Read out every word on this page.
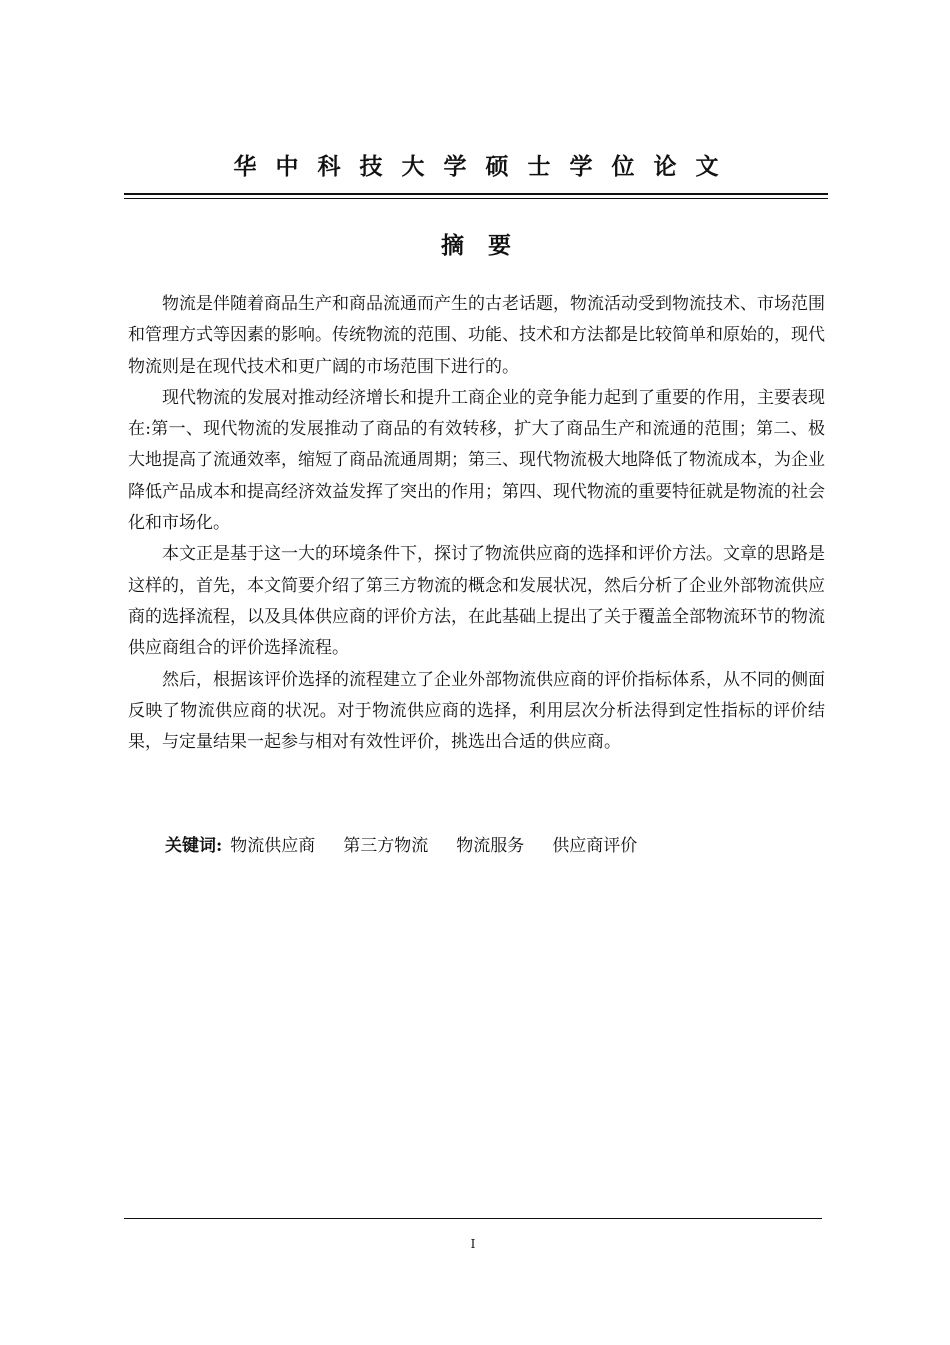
华中科技大学硕士学位论文
摘要

物流是伴随着商品生产和商品流通而产生的古老话题，物流活动受到物流技术、市场范围和管理方式等因素的影响。传统物流的范围、功能、技术和方法都是比较简单和原始的，现代物流则是在现代技术和更广阔的市场范围下进行的。

现代物流的发展对推动经济增长和提升工商企业的竞争能力起到了重要的作用，主要表现在:第一、现代物流的发展推动了商品的有效转移，扩大了商品生产和流通的范围；第二、极大地提高了流通效率，缩短了商品流通周期；第三、现代物流极大地降低了物流成本，为企业降低产品成本和提高经济效益发挥了突出的作用；第四、现代物流的重要特征就是物流的社会化和市场化。

本文正是基于这一大的环境条件下，探讨了物流供应商的选择和评价方法。文章的思路是这样的，首先，本文简要介绍了第三方物流的概念和发展状况，然后分析了企业外部物流供应商的选择流程，以及具体供应商的评价方法，在此基础上提出了关于覆盖全部物流环节的物流供应商组合的评价选择流程。

然后，根据该评价选择的流程建立了企业外部物流供应商的评价指标体系，从不同的侧面反映了物流供应商的状况。对于物流供应商的选择，利用层次分析法得到定性指标的评价结果，与定量结果一起参与相对有效性评价，挑选出合适的供应商。

关键词: 物流供应商 第三方物流 物流服务 供应商评价
I
